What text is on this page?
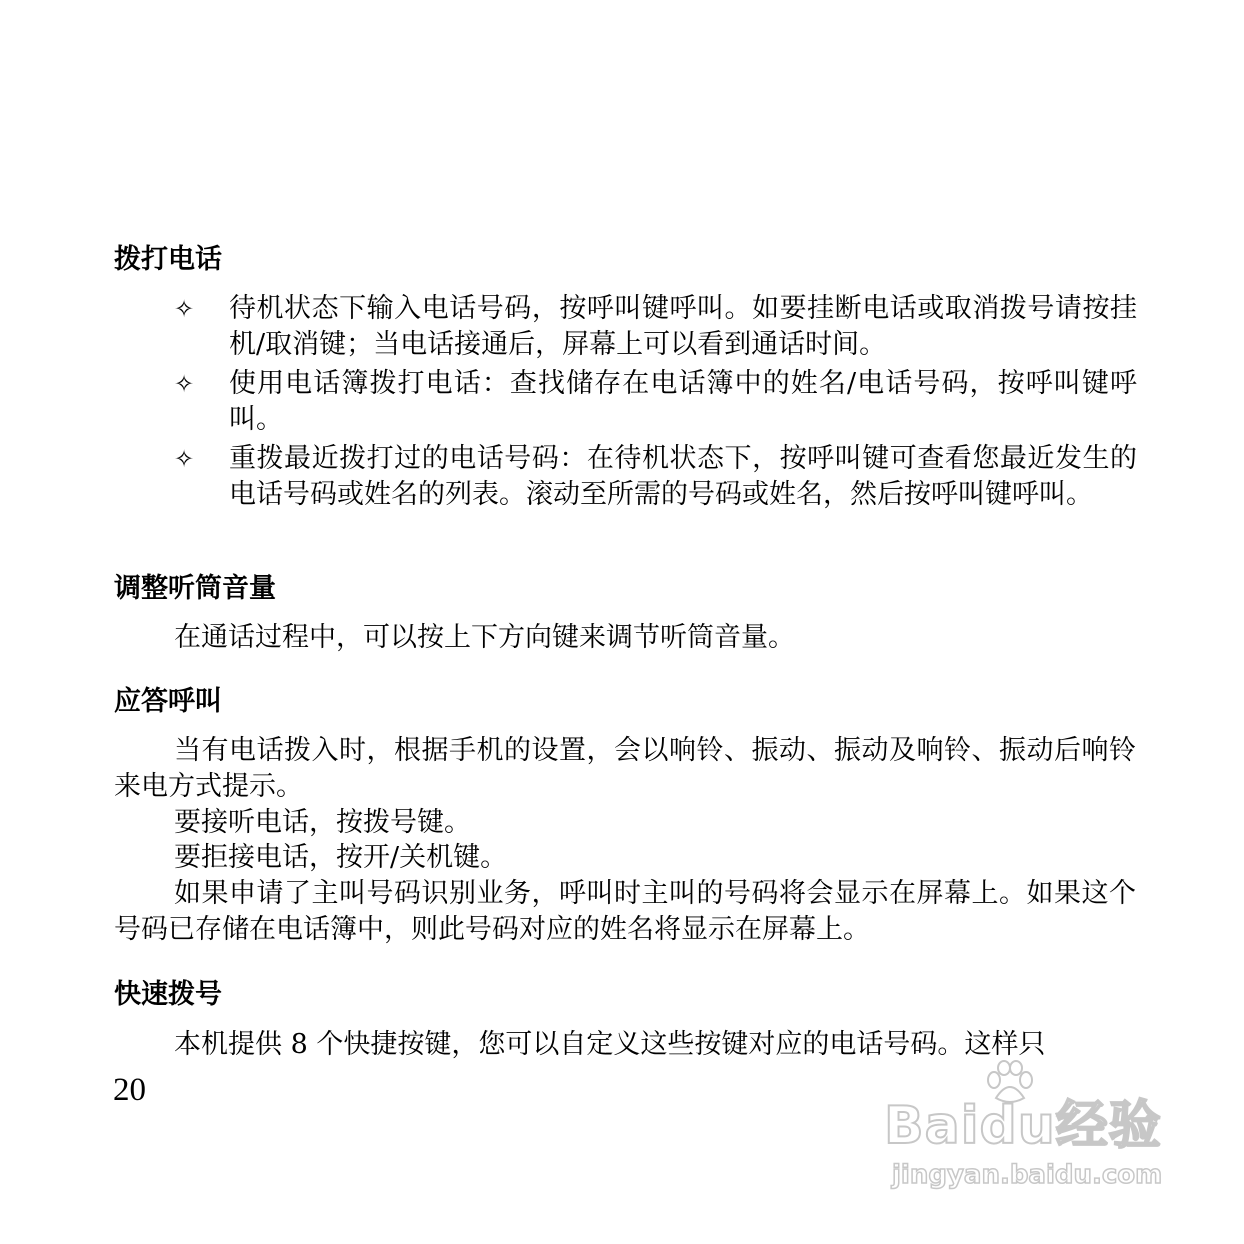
拨打电话
✧ 待机状态下输入电话号码，按呼叫键呼叫。如要挂断电话或取消拨号请按挂机/取消键；当电话接通后，屏幕上可以看到通话时间。
✧ 使用电话簿拨打电话：查找储存在电话簿中的姓名/电话号码，按呼叫键呼叫。
✧ 重拨最近拨打过的电话号码：在待机状态下，按呼叫键可查看您最近发生的电话号码或姓名的列表。滚动至所需的号码或姓名，然后按呼叫键呼叫。
调整听筒音量

在通话过程中，可以按上下方向键来调节听筒音量。

应答呼叫

当有电话拨入时，根据手机的设置，会以响铃、振动、振动及响铃、振动后响铃来电方式提示。

要接听电话，按拨号键。

要拒接电话，按开/关机键。

如果申请了主叫号码识别业务，呼叫时主叫的号码将会显示在屏幕上。如果这个号码已存储在电话簿中，则此号码对应的姓名将显示在屏幕上。

快速拨号

本机提供 8 个快捷按键，您可以自定义这些按键对应的电话号码。这样只

20

Baidu经验
jingyan.baidu.com
